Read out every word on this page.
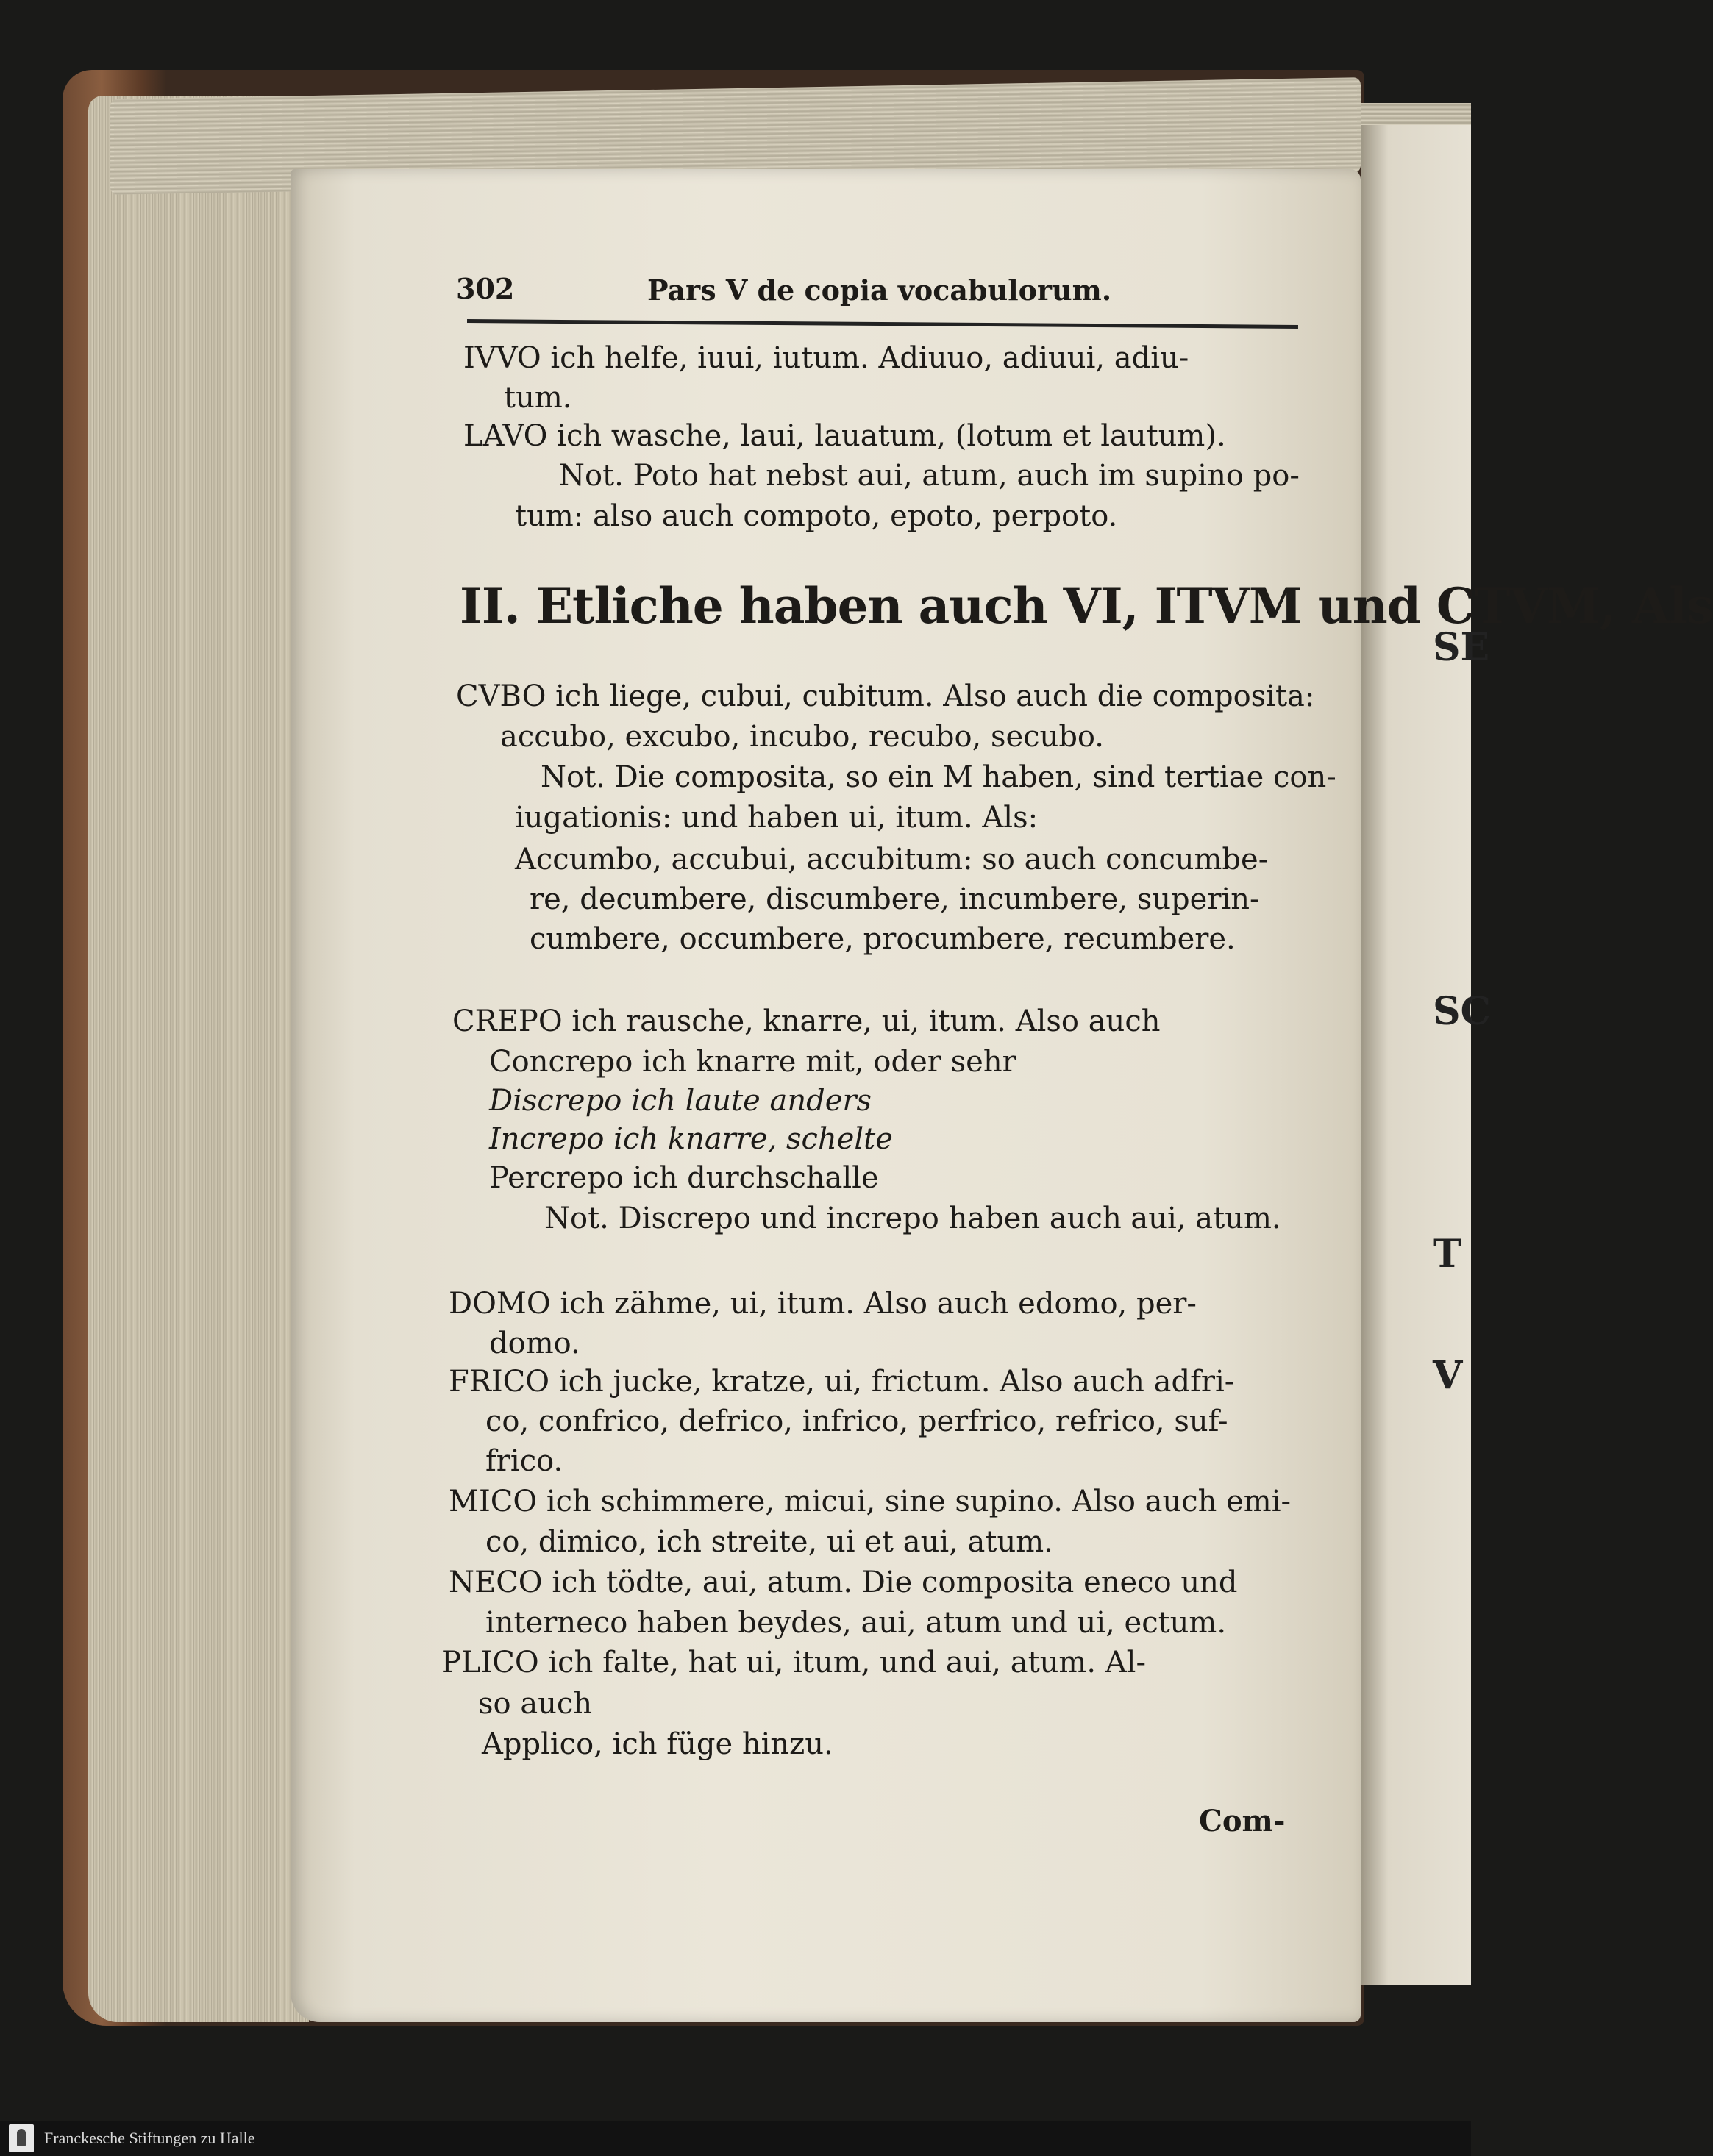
SE
SC
T
V
302	Pars V de copia vocabulorum.
IVVO ich helfe, iuui, iutum. Adiuuo, adiuui, adiu-
tum.
LAVO ich wasche, laui, lauatum, (lotum et lautum).
Not. Poto hat nebst aui, atum, auch im supino po-
tum: also auch compoto, epoto, perpoto.
II. Etliche haben auch VI, ITVM und CTVM, Als
CVBO ich liege, cubui, cubitum. Also auch die composita:
accubo, excubo, incubo, recubo, secubo.
Not. Die composita, so ein M haben, sind tertiae con-
iugationis: und haben ui, itum. Als:
Accumbo, accubui, accubitum: so auch concumbe-
re, decumbere, discumbere, incumbere, superin-
cumbere, occumbere, procumbere, recumbere.
CREPO ich rausche, knarre, ui, itum. Also auch
Concrepo ich knarre mit, oder sehr
Discrepo ich laute anders
Increpo ich knarre, schelte
Percrepo ich durchschalle
Not. Discrepo und increpo haben auch aui, atum.
DOMO ich zähme, ui, itum. Also auch edomo, per-
domo.
FRICO ich jucke, kratze, ui, frictum. Also auch adfri-
co, confrico, defrico, infrico, perfrico, refrico, suf-
frico.
MICO ich schimmere, micui, sine supino. Also auch emi-
co, dimico, ich streite, ui et aui, atum.
NECO ich tödte, aui, atum. Die composita eneco und
interneco haben beydes, aui, atum und ui, ectum.
PLICO ich falte, hat ui, itum, und aui, atum. Al-
so auch
Applico, ich füge hinzu.
Com-
Franckesche Stiftungen zu Halle
